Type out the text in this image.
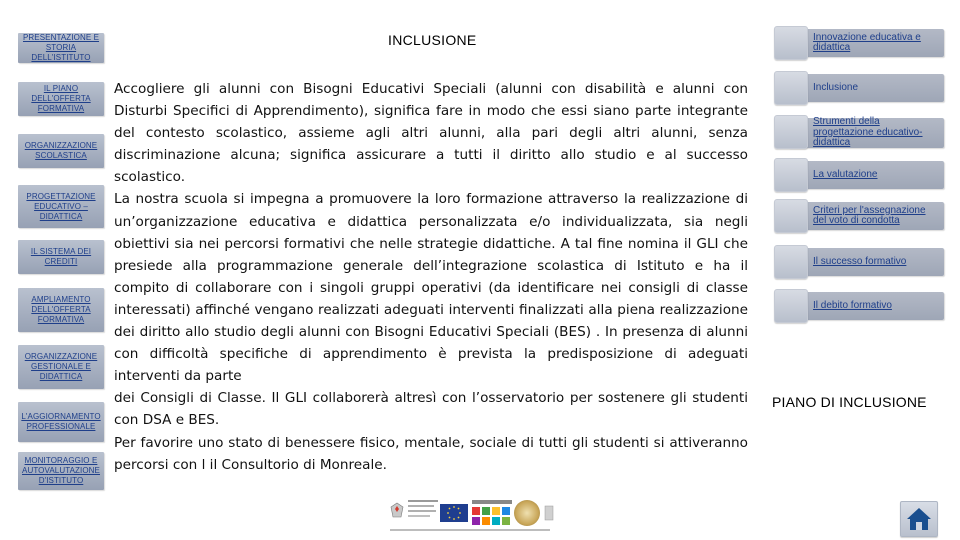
PRESENTAZIONE E STORIA DELL'ISTITUTO
IL PIANO DELL'OFFERTA FORMATIVA
ORGANIZZAZIONE SCOLASTICA
PROGETTAZIONE EDUCATIVO – DIDATTICA
IL SISTEMA DEI CREDITI
AMPLIAMENTO DELL'OFFERTA FORMATIVA
ORGANIZZAZIONE GESTIONALE E DIDATTICA
L'AGGIORNAMENTO PROFESSIONALE
MONITORAGGIO E AUTOVALUTAZIONE D'ISTITUTO
INCLUSIONE

Accogliere gli alunni con Bisogni Educativi Speciali (alunni con disabilità e alunni con Disturbi Specifici di Apprendimento), significa fare in modo che essi siano parte integrante del contesto scolastico, assieme agli altri alunni, alla pari degli altri alunni, senza discriminazione alcuna; significa assicurare a tutti il diritto allo studio e al successo scolastico.

La nostra scuola si impegna a promuovere la loro formazione attraverso la realizzazione di un’organizzazione educativa e didattica personalizzata e/o individualizzata, sia negli obiettivi sia nei percorsi formativi che nelle strategie didattiche. A tal fine nomina il GLI che presiede alla programmazione generale dell’integrazione scolastica di Istituto e ha il compito di collaborare con i singoli gruppi operativi (da identificare nei consigli di classe interessati) affinché vengano realizzati adeguati interventi finalizzati alla piena realizzazione dei diritto allo studio degli alunni con Bisogni Educativi Speciali (BES) . In presenza di alunni con difficoltà specifiche di apprendimento è prevista la predisposizione di adeguati interventi da parte

dei Consigli di Classe. Il GLI collaborerà altresì con l’osservatorio per sostenere gli studenti con DSA e BES.

Per favorire uno stato di benessere fisico, mentale, sociale di tutti gli studenti si attiveranno percorsi con l il Consultorio di Monreale.

Innovazione educativa e didattica
Inclusione
Strumenti della progettazione educativo-didattica
La valutazione
Criteri per l'assegnazione del voto di condotta
Il successo formativo
Il debito formativo
PIANO DI INCLUSIONE
